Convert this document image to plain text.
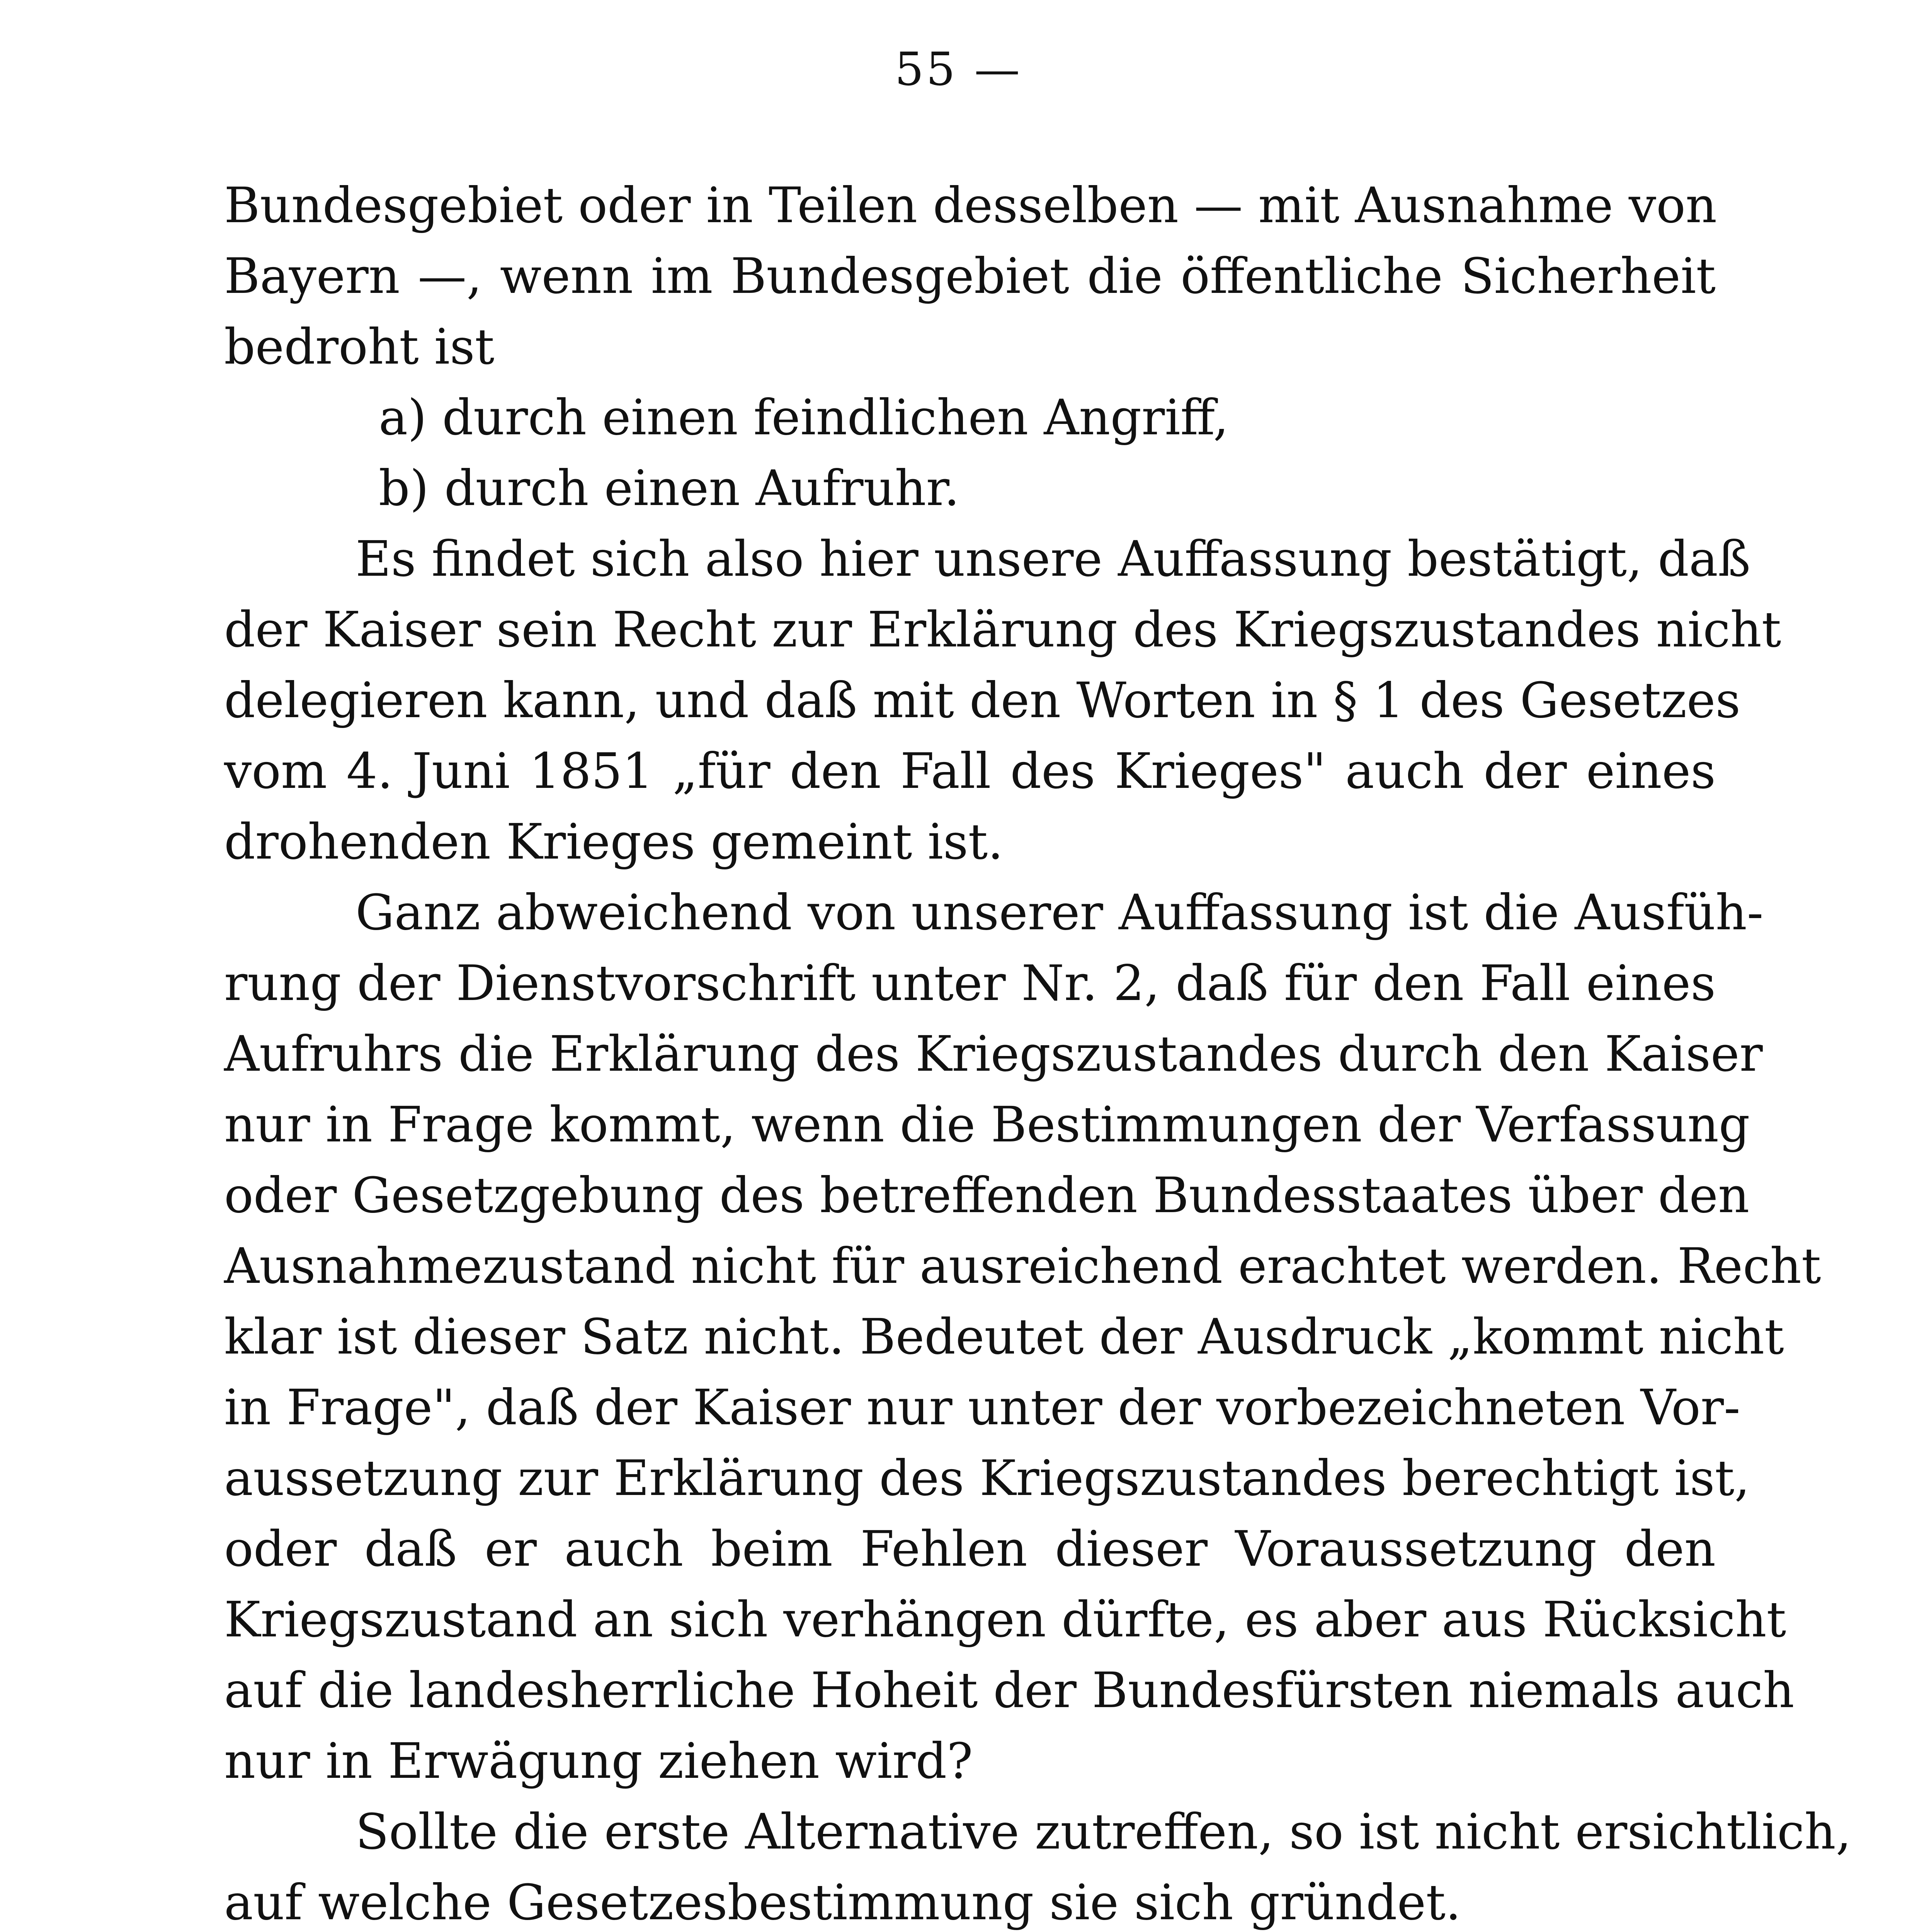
55 —
Bundesgebiet oder in Teilen desselben — mit Ausnahme von
Bayern —, wenn im Bundesgebiet die öffentliche Sicherheit
bedroht ist
a) durch einen feindlichen Angriff,
b) durch einen Aufruhr.
Es findet sich also hier unsere Auffassung bestätigt, daß
der Kaiser sein Recht zur Erklärung des Kriegszustandes nicht
delegieren kann, und daß mit den Worten in § 1 des Gesetzes
vom 4. Juni 1851 „für den Fall des Krieges" auch der eines
drohenden Krieges gemeint ist.
Ganz abweichend von unserer Auffassung ist die Ausfüh-
rung der Dienstvorschrift unter Nr. 2, daß für den Fall eines
Aufruhrs die Erklärung des Kriegszustandes durch den Kaiser
nur in Frage kommt, wenn die Bestimmungen der Verfassung
oder Gesetzgebung des betreffenden Bundesstaates über den
Ausnahmezustand nicht für ausreichend erachtet werden. Recht
klar ist dieser Satz nicht. Bedeutet der Ausdruck „kommt nicht
in Frage", daß der Kaiser nur unter der vorbezeichneten Vor-
aussetzung zur Erklärung des Kriegszustandes berechtigt ist,
oder daß er auch beim Fehlen dieser Voraussetzung den
Kriegszustand an sich verhängen dürfte, es aber aus Rücksicht
auf die landesherrliche Hoheit der Bundesfürsten niemals auch
nur in Erwägung ziehen wird?
Sollte die erste Alternative zutreffen, so ist nicht ersichtlich,
auf welche Gesetzesbestimmung sie sich gründet.
